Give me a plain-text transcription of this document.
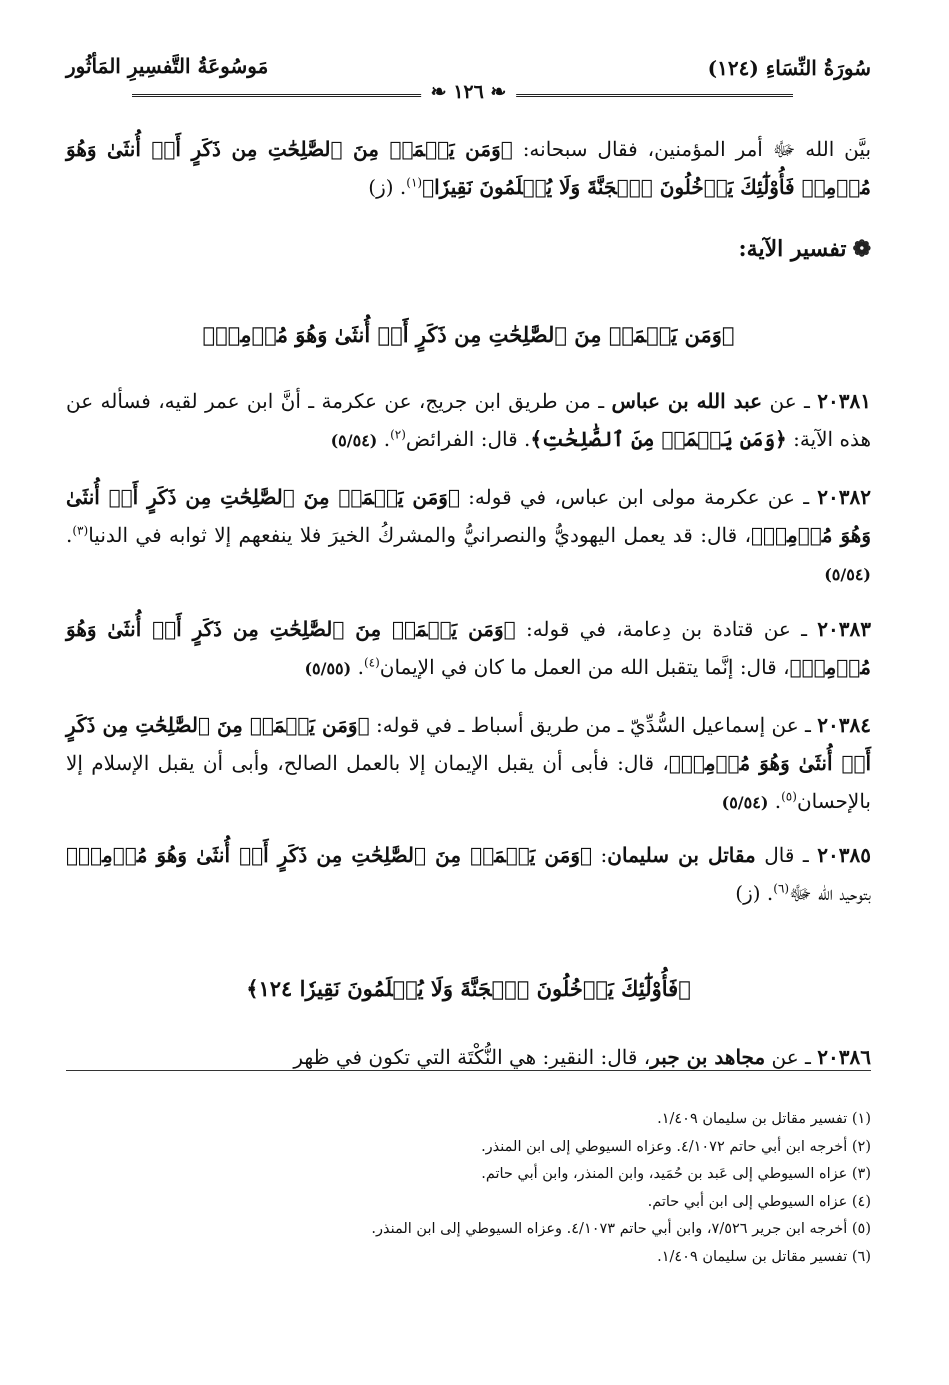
سُورَةُ النِّسَاءِ (١٢٤)
مَوسُوعَةُ التَّفسِيرِ المَأثُور
❧ ١٢٦ ❧
بيَّن الله ﷻ أمر المؤمنين، فقال سبحانه: ﴿وَمَن يَعۡمَلۡ مِنَ ٱلصَّٰلِحَٰتِ مِن ذَكَرٍ أَوۡ أُنثَىٰ وَهُوَ مُؤۡمِنٞ فَأُوْلَٰٓئِكَ يَدۡخُلُونَ ٱلۡجَنَّةَ وَلَا يُظۡلَمُونَ نَقِيرٗا﴾$^{(١)}$. (ز)
❁تفسير الآية:
﴿وَمَن يَعۡمَلۡ مِنَ ٱلصَّٰلِحَٰتِ مِن ذَكَرٍ أَوۡ أُنثَىٰ وَهُوَ مُؤۡمِنٞ﴾
٢٠٣٨١ ـ عن عبد الله بن عباس ـ من طريق ابن جريج، عن عكرمة ـ أنَّ ابن عمر لقيه، فسأله عن هذه الآية: ﴿وَمَن يَعۡمَلۡ مِنَ ٱلصَّٰلِحَٰتِ﴾. قال: الفرائض$^{(٢)}$. (٥/٥٤)
٢٠٣٨٢ ـ عن عكرمة مولى ابن عباس، في قوله: ﴿وَمَن يَعۡمَلۡ مِنَ ٱلصَّٰلِحَٰتِ مِن ذَكَرٍ أَوۡ أُنثَىٰ وَهُوَ مُؤۡمِنٞ﴾، قال: قد يعمل اليهوديُّ والنصرانيُّ والمشركُ الخيرَ فلا ينفعهم إلا ثوابه في الدنيا$^{(٣)}$. (٥/٥٤)
٢٠٣٨٣ ـ عن قتادة بن دِعامة، في قوله: ﴿وَمَن يَعۡمَلۡ مِنَ ٱلصَّٰلِحَٰتِ مِن ذَكَرٍ أَوۡ أُنثَىٰ وَهُوَ مُؤۡمِنٞ﴾، قال: إنَّما يتقبل الله من العمل ما كان في الإيمان$^{(٤)}$. (٥/٥٥)
٢٠٣٨٤ ـ عن إسماعيل السُّدِّيّ ـ من طريق أسباط ـ في قوله: ﴿وَمَن يَعۡمَلۡ مِنَ ٱلصَّٰلِحَٰتِ مِن ذَكَرٍ أَوۡ أُنثَىٰ وَهُوَ مُؤۡمِنٞ﴾، قال: فأبى أن يقبل الإيمان إلا بالعمل الصالح، وأبى أن يقبل الإسلام إلا بالإحسان$^{(٥)}$. (٥/٥٤)
٢٠٣٨٥ ـ قال مقاتل بن سليمان: ﴿وَمَن يَعۡمَلۡ مِنَ ٱلصَّٰلِحَٰتِ مِن ذَكَرٍ أَوۡ أُنثَىٰ وَهُوَ مُؤۡمِنٞ﴾ بتوحيد الله ﷻ$^{(٦)}$. (ز)
﴿فَأُوْلَٰٓئِكَ يَدۡخُلُونَ ٱلۡجَنَّةَ وَلَا يُظۡلَمُونَ نَقِيرٗا ١٢٤﴾
٢٠٣٨٦ ـ عن مجاهد بن جبر، قال: النقير: هي النُّكْتَة التي تكون في ظهر
(١) تفسير مقاتل بن سليمان ١/٤٠٩.
(٢) أخرجه ابن أبي حاتم ٤/١٠٧٢. وعزاه السيوطي إلى ابن المنذر.
(٣) عزاه السيوطي إلى عَبد بن حُمَيد، وابن المنذر، وابن أبي حاتم.
(٤) عزاه السيوطي إلى ابن أبي حاتم.
(٥) أخرجه ابن جرير ٧/٥٢٦، وابن أبي حاتم ٤/١٠٧٣. وعزاه السيوطي إلى ابن المنذر.
(٦) تفسير مقاتل بن سليمان ١/٤٠٩.
